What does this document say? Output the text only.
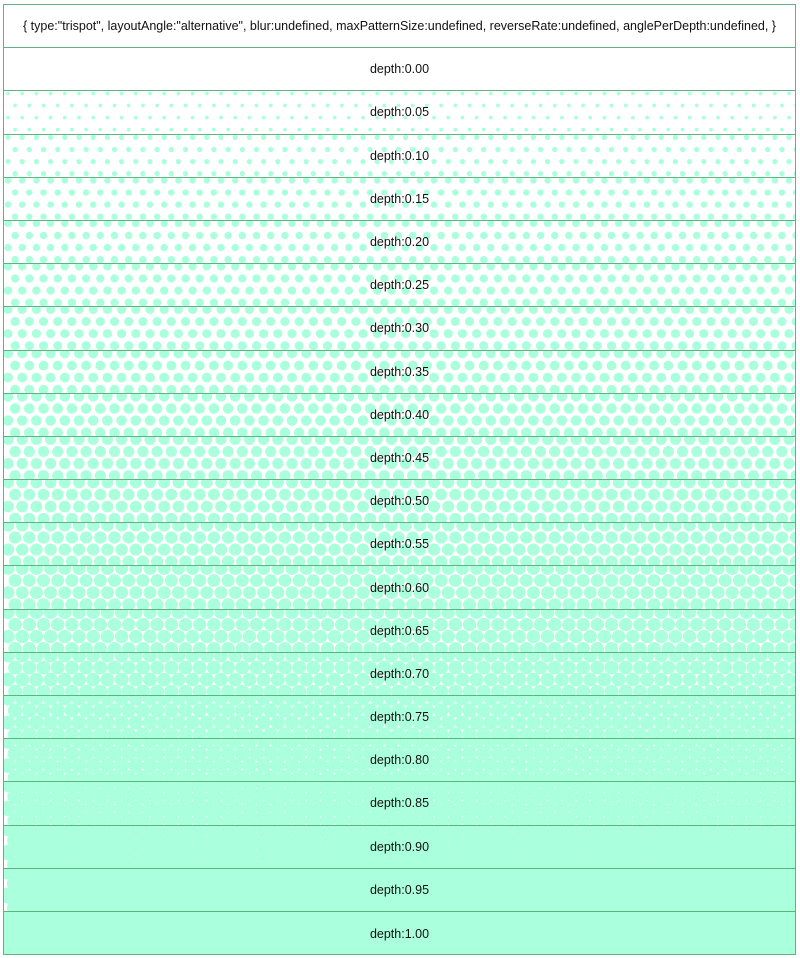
{ type:"trispot", layoutAngle:"alternative", blur:undefined, maxPatternSize:undefined, reverseRate:undefined, anglePerDepth:undefined, }
depth:0.00
depth:0.05
depth:0.10
depth:0.15
depth:0.20
depth:0.25
depth:0.30
depth:0.35
depth:0.40
depth:0.45
depth:0.50
depth:0.55
depth:0.60
depth:0.65
depth:0.70
depth:0.75
depth:0.80
depth:0.85
depth:0.90
depth:0.95
depth:1.00
